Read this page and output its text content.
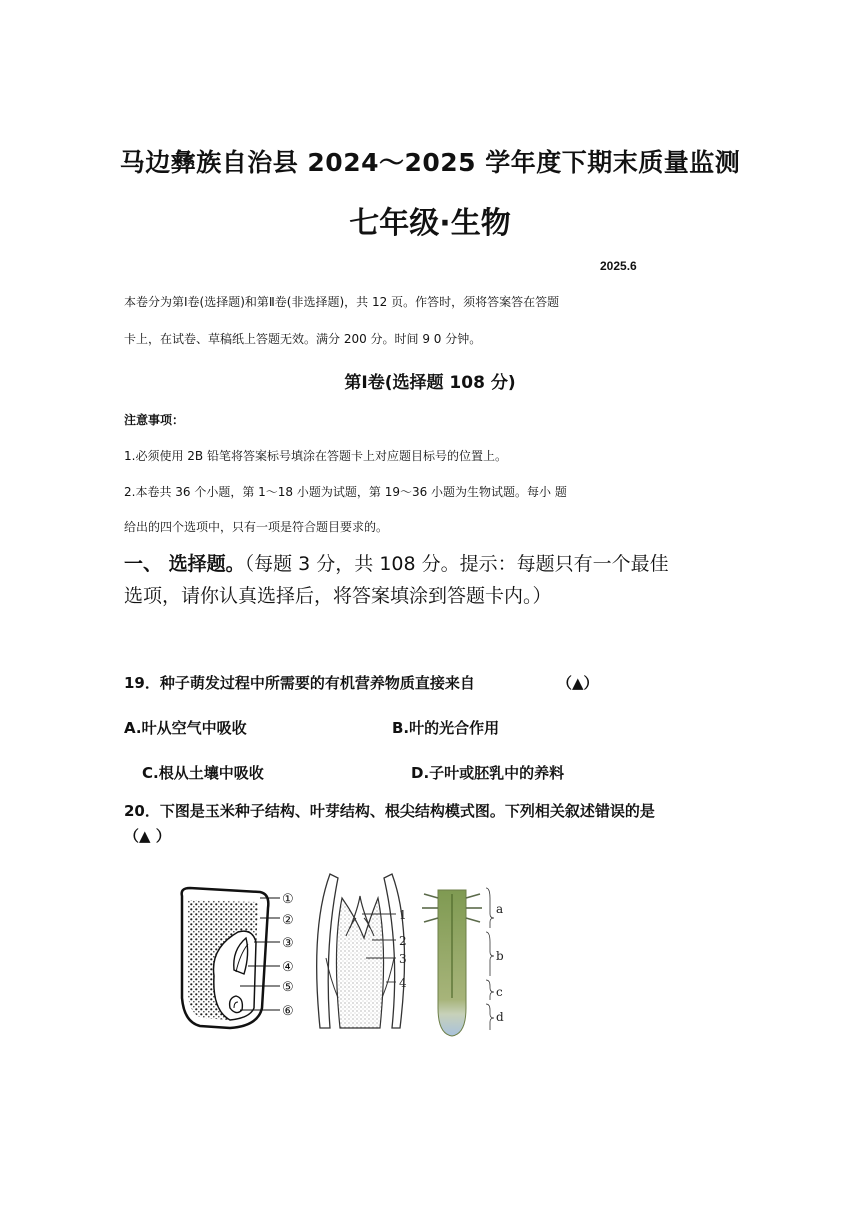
马边彝族自治县 2024～2025 学年度下期末质量监测
七年级·生物
2025.6
本卷分为第Ⅰ卷(选择题)和第Ⅱ卷(非选择题)，共 12 页。作答时，须将答案答在答题
卡上，在试卷、草稿纸上答题无效。满分 200 分。时间 9 0 分钟。
第Ⅰ卷(选择题 108 分)
注意事项：
1.必须使用 2B 铅笔将答案标号填涂在答题卡上对应题目标号的位置上。
2.本卷共 36 个小题，第 1～18 小题为试题，第 19～36 小题为生物试题。每小 题
给出的四个选项中，只有一项是符合题目要求的。
一、 选择题。（每题 3 分，共 108 分。提示：每题只有一个最佳
选项，请你认真选择后，将答案填涂到答题卡内。）
19．种子萌发过程中所需要的有机营养物质直接来自	（▲）
A.叶从空气中吸收	B.叶的光合作用
C.根从土壤中吸收	D.子叶或胚乳中的养料
20．下图是玉米种子结构、叶芽结构、根尖结构模式图。下列相关叙述错误的是
（▲ ）
①
②
③
④
⑤
⑥
1
2
3
4
a
b
c
d
